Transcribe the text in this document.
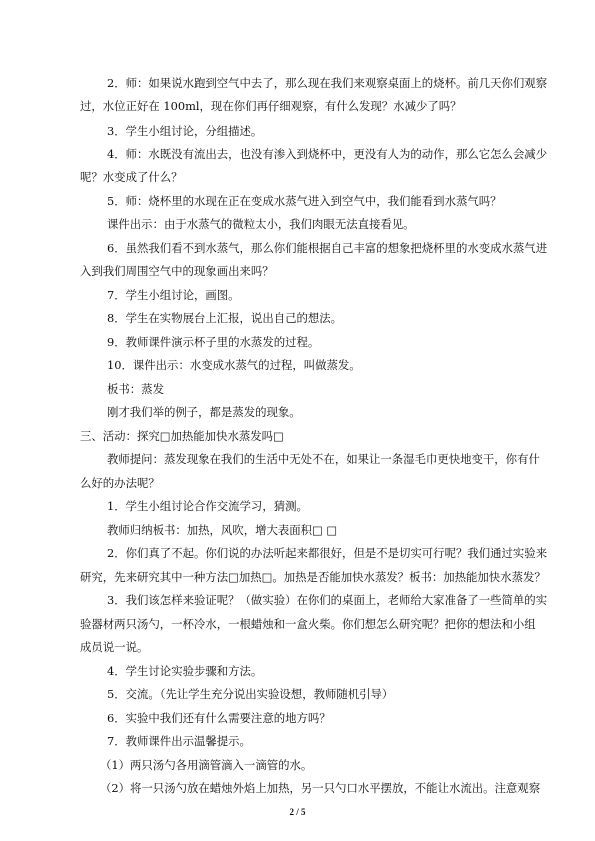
2．师：如果说水跑到空气中去了，那么现在我们来观察桌面上的烧杯。前几天你们观察
过，水位正好在 100ml，现在你们再仔细观察，有什么发现？水减少了吗？
3．学生小组讨论，分组描述。
4．师：水既没有流出去，也没有渗入到烧杯中，更没有人为的动作，那么它怎么会减少
呢？水变成了什么？
5．师：烧杯里的水现在正在变成水蒸气进入到空气中，我们能看到水蒸气吗？
课件出示：由于水蒸气的微粒太小，我们肉眼无法直接看见。
6．虽然我们看不到水蒸气，那么你们能根据自己丰富的想象把烧杯里的水变成水蒸气进
入到我们周围空气中的现象画出来吗？
7．学生小组讨论，画图。
8．学生在实物展台上汇报，说出自己的想法。
9．教师课件演示杯子里的水蒸发的过程。
10．课件出示：水变成水蒸气的过程，叫做蒸发。
板书：蒸发
刚才我们举的例子，都是蒸发的现象。
三、活动：探究□加热能加快水蒸发吗□
教师提问：蒸发现象在我们的生活中无处不在，如果让一条湿毛巾更快地变干，你有什
么好的办法呢？
1．学生小组讨论合作交流学习，猜测。
教师归纳板书：加热，风吹，增大表面积□ □
2．你们真了不起。你们说的办法听起来都很好，但是不是切实可行呢？我们通过实验来
研究，先来研究其中一种方法□加热□。加热是否能加快水蒸发？板书：加热能加快水蒸发？
3．我们该怎样来验证呢？（做实验）在你们的桌面上，老师给大家准备了一些简单的实
验器材两只汤勺，一杯冷水，一根蜡烛和一盒火柴。你们想怎么研究呢？把你的想法和小组
成员说一说。
4．学生讨论实验步骤和方法。
5．交流。（先让学生充分说出实验设想，教师随机引导）
6．实验中我们还有什么需要注意的地方吗？
7．教师课件出示温馨提示。
（1）两只汤勺各用滴管滴入一滴管的水。
（2）将一只汤勺放在蜡烛外焰上加热，另一只勺口水平摆放，不能让水流出。注意观察
2 / 5
